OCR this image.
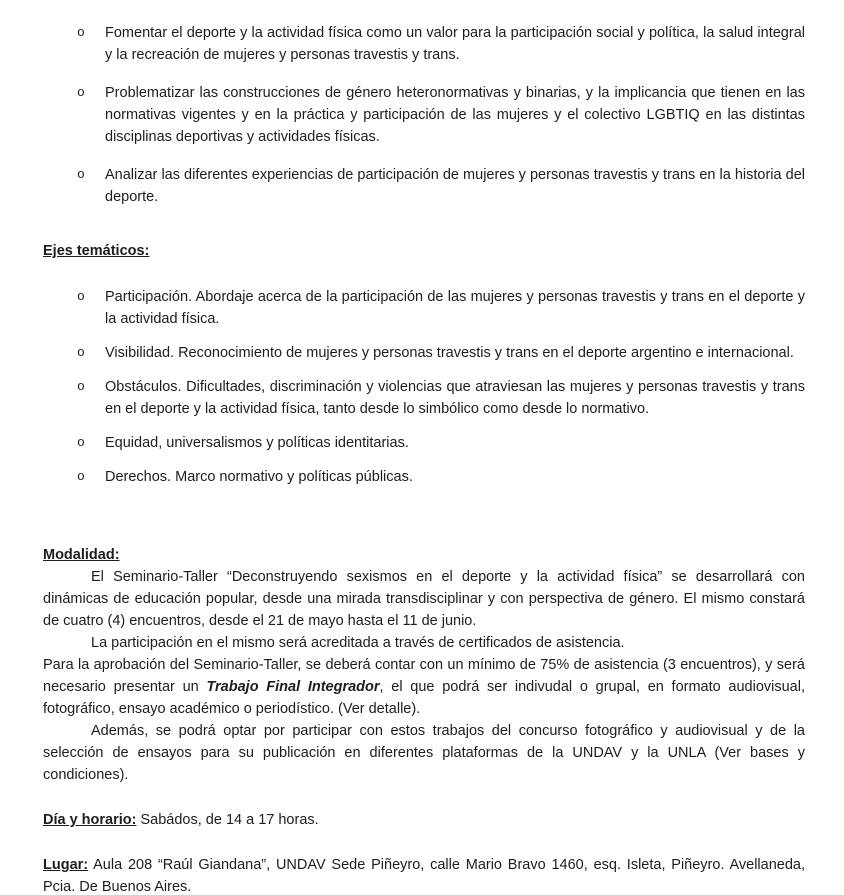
o Fomentar el deporte y la actividad física como un valor para la participación social y política, la salud integral y la recreación de mujeres y personas travestis y trans.
o Problematizar las construcciones de género heteronormativas y binarias, y la implicancia que tienen en las normativas vigentes y en la práctica y participación de las mujeres y el colectivo LGBTIQ en las distintas disciplinas deportivas y actividades físicas.
o Analizar las diferentes experiencias de participación de mujeres y personas travestis y trans en la historia del deporte.
Ejes temáticos:
o Participación. Abordaje acerca de la participación de las mujeres y personas travestis y trans en el deporte y la actividad física.
o Visibilidad. Reconocimiento de mujeres y personas travestis y trans en el deporte argentino e internacional.
o Obstáculos. Dificultades, discriminación y violencias que atraviesan las mujeres y personas travestis y trans en el deporte y la actividad física, tanto desde lo simbólico como desde lo normativo.
o Equidad, universalismos y políticas identitarias.
o Derechos. Marco normativo y políticas públicas.
Modalidad:

El Seminario-Taller “Deconstruyendo sexismos en el deporte y la actividad física” se desarrollará con dinámicas de educación popular, desde una mirada transdisciplinar y con perspectiva de género. El mismo constará de cuatro (4) encuentros, desde el 21 de mayo hasta el 11 de junio.

La participación en el mismo será acreditada a través de certificados de asistencia.

Para la aprobación del Seminario-Taller, se deberá contar con un mínimo de 75% de asistencia (3 encuentros), y será necesario presentar un Trabajo Final Integrador, el que podrá ser indivudal o grupal, en formato audiovisual, fotográfico, ensayo académico o periodístico. (Ver detalle).

Además, se podrá optar por participar con estos trabajos del concurso fotográfico y audiovisual y de la selección de ensayos para su publicación en diferentes plataformas de la UNDAV y la UNLA (Ver bases y condiciones).

Día y horario: Sabádos, de 14 a 17 horas.

Lugar: Aula 208 “Raúl Giandana”, UNDAV Sede Piñeyro, calle Mario Bravo 1460, esq. Isleta, Piñeyro. Avellaneda, Pcia. De Buenos Aires.
